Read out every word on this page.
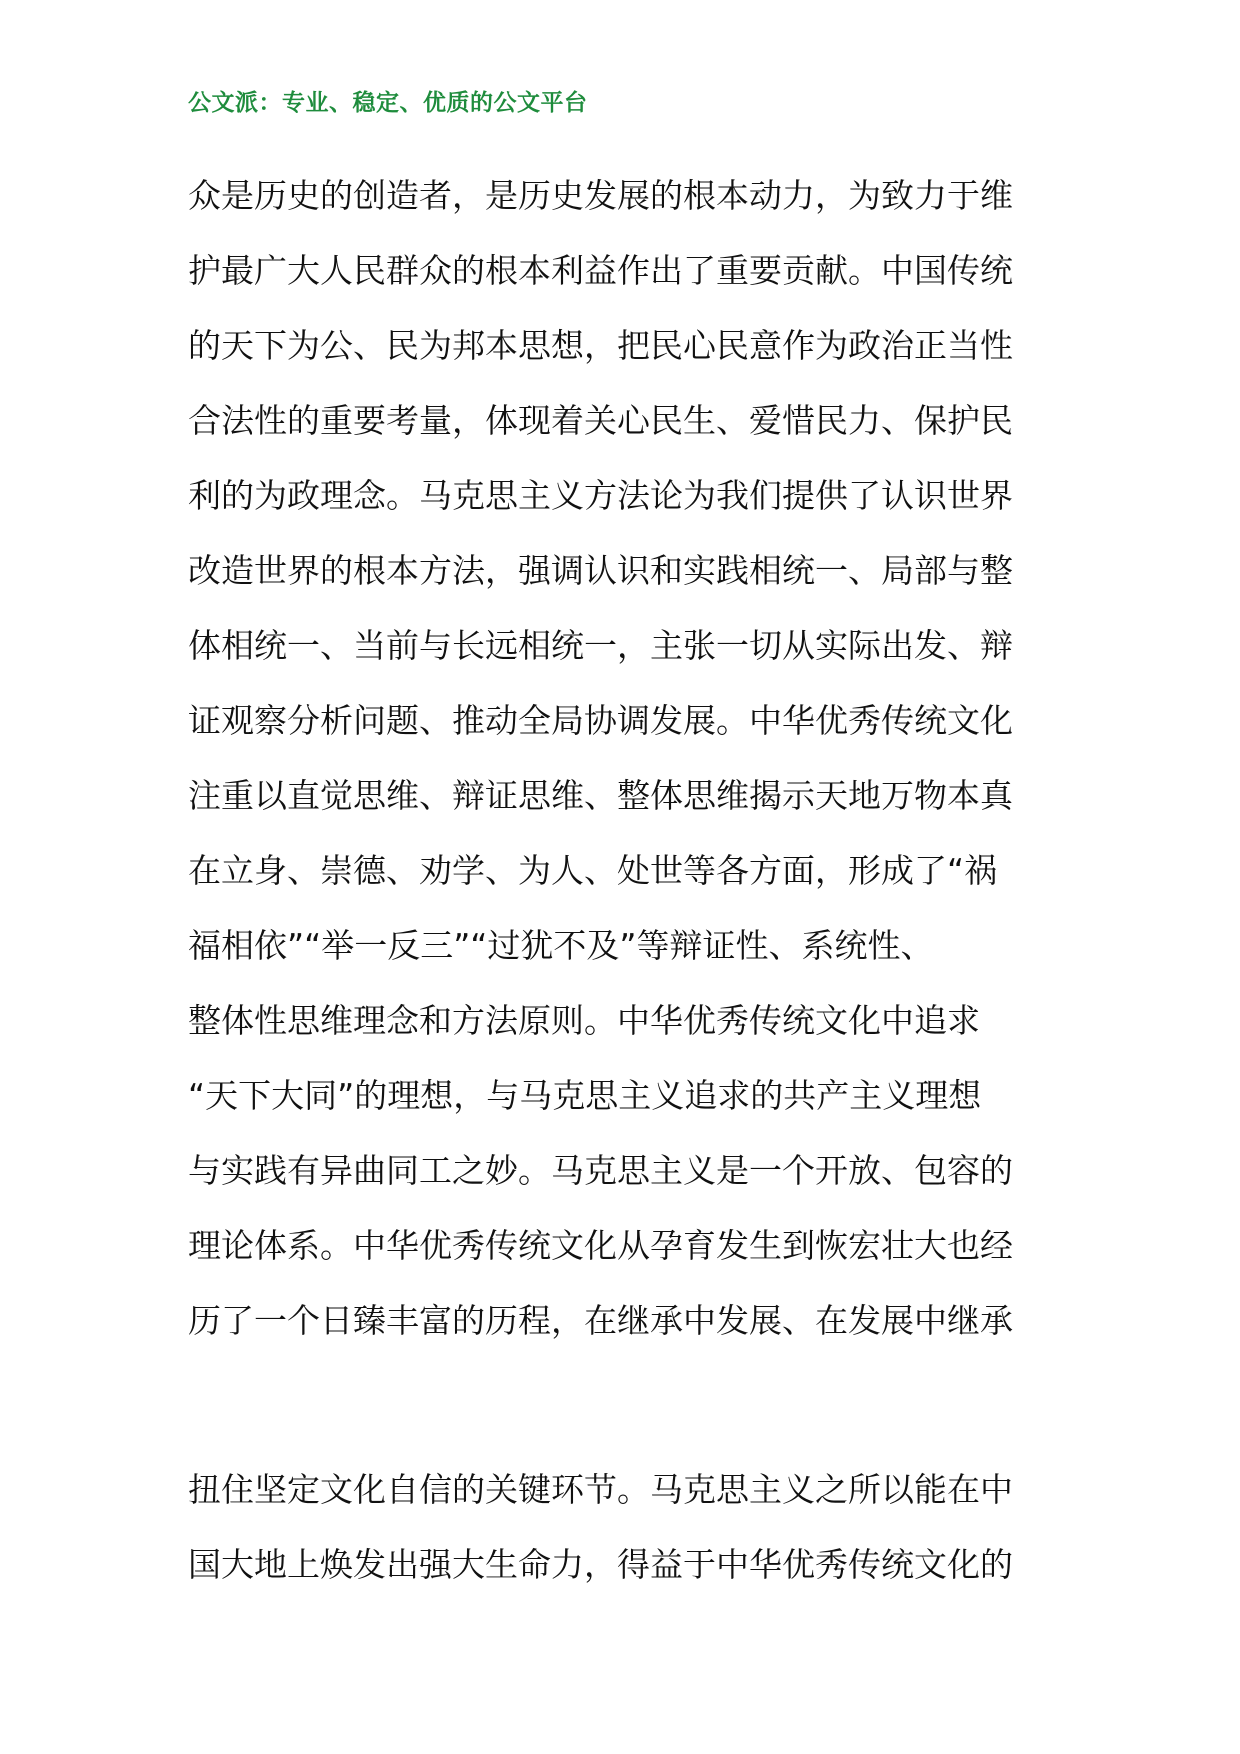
公文派：专业、稳定、优质的公文平台
众是历史的创造者，是历史发展的根本动力，为致力于维
护最广大人民群众的根本利益作出了重要贡献。中国传统
的天下为公、民为邦本思想，把民心民意作为政治正当性
合法性的重要考量，体现着关心民生、爱惜民力、保护民
利的为政理念。马克思主义方法论为我们提供了认识世界
改造世界的根本方法，强调认识和实践相统一、局部与整
体相统一、当前与长远相统一，主张一切从实际出发、辩
证观察分析问题、推动全局协调发展。中华优秀传统文化
注重以直觉思维、辩证思维、整体思维揭示天地万物本真
在立身、崇德、劝学、为人、处世等各方面，形成了“祸
福相依”“举一反三”“过犹不及”等辩证性、系统性、
整体性思维理念和方法原则。中华优秀传统文化中追求
“天下大同”的理想，与马克思主义追求的共产主义理想
与实践有异曲同工之妙。马克思主义是一个开放、包容的
理论体系。中华优秀传统文化从孕育发生到恢宏壮大也经
历了一个日臻丰富的历程，在继承中发展、在发展中继承
扭住坚定文化自信的关键环节。马克思主义之所以能在中
国大地上焕发出强大生命力，得益于中华优秀传统文化的
